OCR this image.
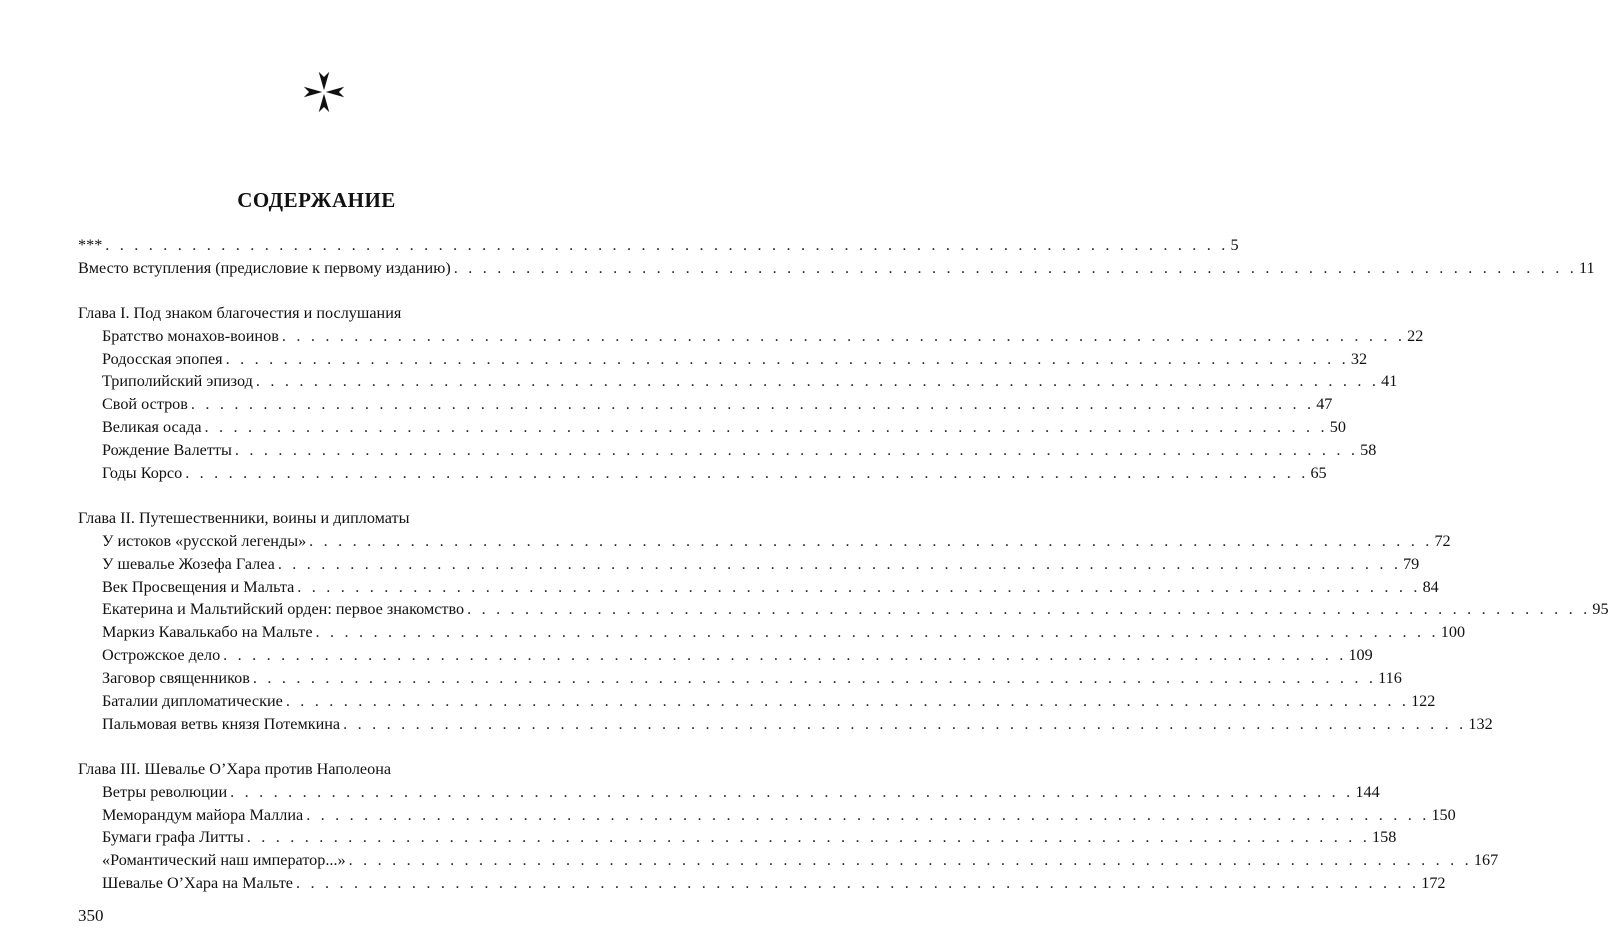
СОДЕРЖАНИЕ
*** . . . . . . . . . . . . . . . . . . . . . . . . . . . . . . . . . . . . . . . . . . . . . . . . . . . . . . . . . . . . . . . . . . . . . . . . . . . . . . 5
Вместо вступления (предисловие к первому изданию) . . . . . . . . . . . . . . . . . . . . . . . . . . . . . . . . . . . . . . . . . . . . . . . . . . . . . . . . . . . . . . . . . . . . . . . . . . . . . . 11
Глава I. Под знаком благочестия и послушания
Братство монахов-воинов . . . . . . . . . . . . . . . . . . . . . . . . . . . . . . . . . . . . . . . . . . . . . . . . . . . . . . . . . . . . . . . . . . . . . . . . . . . . . . 22
Родосская эпопея . . . . . . . . . . . . . . . . . . . . . . . . . . . . . . . . . . . . . . . . . . . . . . . . . . . . . . . . . . . . . . . . . . . . . . . . . . . . . . 32
Триполийский эпизод . . . . . . . . . . . . . . . . . . . . . . . . . . . . . . . . . . . . . . . . . . . . . . . . . . . . . . . . . . . . . . . . . . . . . . . . . . . . . . 41
Свой остров . . . . . . . . . . . . . . . . . . . . . . . . . . . . . . . . . . . . . . . . . . . . . . . . . . . . . . . . . . . . . . . . . . . . . . . . . . . . . . 47
Великая осада . . . . . . . . . . . . . . . . . . . . . . . . . . . . . . . . . . . . . . . . . . . . . . . . . . . . . . . . . . . . . . . . . . . . . . . . . . . . . . 50
Рождение Валетты . . . . . . . . . . . . . . . . . . . . . . . . . . . . . . . . . . . . . . . . . . . . . . . . . . . . . . . . . . . . . . . . . . . . . . . . . . . . . . 58
Годы Корсо . . . . . . . . . . . . . . . . . . . . . . . . . . . . . . . . . . . . . . . . . . . . . . . . . . . . . . . . . . . . . . . . . . . . . . . . . . . . . . 65
Глава II. Путешественники, воины и дипломаты
У истоков «русской легенды» . . . . . . . . . . . . . . . . . . . . . . . . . . . . . . . . . . . . . . . . . . . . . . . . . . . . . . . . . . . . . . . . . . . . . . . . . . . . . . 72
У шевалье Жозефа Галеа . . . . . . . . . . . . . . . . . . . . . . . . . . . . . . . . . . . . . . . . . . . . . . . . . . . . . . . . . . . . . . . . . . . . . . . . . . . . . . 79
Век Просвещения и Мальта . . . . . . . . . . . . . . . . . . . . . . . . . . . . . . . . . . . . . . . . . . . . . . . . . . . . . . . . . . . . . . . . . . . . . . . . . . . . . . 84
Екатерина и Мальтийский орден: первое знакомство . . . . . . . . . . . . . . . . . . . . . . . . . . . . . . . . . . . . . . . . . . . . . . . . . . . . . . . . . . . . . . . . . . . . . . . . . . . . . . 95
Маркиз Кавалькабо на Мальте . . . . . . . . . . . . . . . . . . . . . . . . . . . . . . . . . . . . . . . . . . . . . . . . . . . . . . . . . . . . . . . . . . . . . . . . . . . . . . 100
Острожское дело . . . . . . . . . . . . . . . . . . . . . . . . . . . . . . . . . . . . . . . . . . . . . . . . . . . . . . . . . . . . . . . . . . . . . . . . . . . . . . 109
Заговор священников . . . . . . . . . . . . . . . . . . . . . . . . . . . . . . . . . . . . . . . . . . . . . . . . . . . . . . . . . . . . . . . . . . . . . . . . . . . . . . 116
Баталии дипломатические . . . . . . . . . . . . . . . . . . . . . . . . . . . . . . . . . . . . . . . . . . . . . . . . . . . . . . . . . . . . . . . . . . . . . . . . . . . . . . 122
Пальмовая ветвь князя Потемкина . . . . . . . . . . . . . . . . . . . . . . . . . . . . . . . . . . . . . . . . . . . . . . . . . . . . . . . . . . . . . . . . . . . . . . . . . . . . . . 132
Глава III. Шевалье О’Хара против Наполеона
Ветры революции . . . . . . . . . . . . . . . . . . . . . . . . . . . . . . . . . . . . . . . . . . . . . . . . . . . . . . . . . . . . . . . . . . . . . . . . . . . . . . 144
Меморандум майора Маллиа . . . . . . . . . . . . . . . . . . . . . . . . . . . . . . . . . . . . . . . . . . . . . . . . . . . . . . . . . . . . . . . . . . . . . . . . . . . . . . 150
Бумаги графа Литты . . . . . . . . . . . . . . . . . . . . . . . . . . . . . . . . . . . . . . . . . . . . . . . . . . . . . . . . . . . . . . . . . . . . . . . . . . . . . . 158
«Романтический наш император...» . . . . . . . . . . . . . . . . . . . . . . . . . . . . . . . . . . . . . . . . . . . . . . . . . . . . . . . . . . . . . . . . . . . . . . . . . . . . . . 167
Шевалье О’Хара на Мальте . . . . . . . . . . . . . . . . . . . . . . . . . . . . . . . . . . . . . . . . . . . . . . . . . . . . . . . . . . . . . . . . . . . . . . . . . . . . . . 172
350
